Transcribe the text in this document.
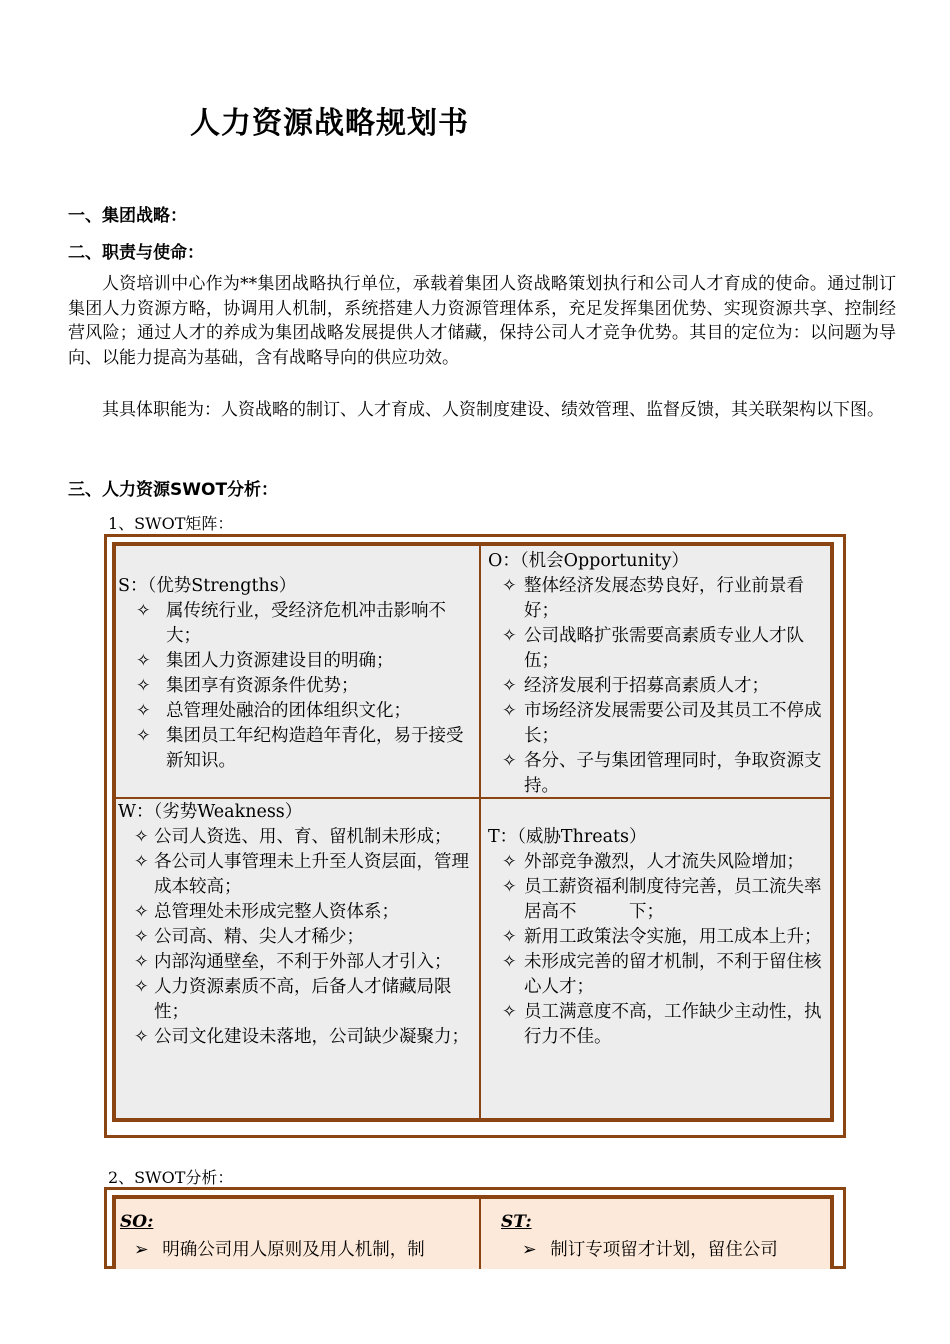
人力资源战略规划书
一、集团战略：
二、职责与使命：

人资培训中心作为**集团战略执行单位，承载着集团人资战略策划执行和公司人才育成的使命。通过制订集团人力资源方略，协调用人机制，系统搭建人力资源管理体系，充足发挥集团优势、实现资源共享、控制经营风险；通过人才的养成为集团战略发展提供人才储藏，保持公司人才竞争优势。其目的定位为：以问题为导向、以能力提高为基础，含有战略导向的供应功效。

其具体职能为：人资战略的制订、人才育成、人资制度建设、绩效管理、监督反馈，其关联架构以下图。

三、人力资源SWOT分析：
1、SWOT矩阵：
S：（优势Strengths）
✧ 属传统行业，受经济危机冲击影响不大；
✧ 集团人力资源建设目的明确；
✧ 集团享有资源条件优势；
✧ 总管理处融洽的团体组织文化；
✧ 集团员工年纪构造趋年青化，易于接受新知识。
O：（机会Opportunity）
✧ 整体经济发展态势良好，行业前景看好；
✧ 公司战略扩张需要高素质专业人才队伍；
✧ 经济发展利于招募高素质人才；
✧ 市场经济发展需要公司及其员工不停成长；
✧ 各分、子与集团管理同时，争取资源支持。
W：（劣势Weakness）
✧ 公司人资选、用、育、留机制未形成；
✧ 各公司人事管理未上升至人资层面，管理成本较高；
✧ 总管理处未形成完整人资体系；
✧ 公司高、精、尖人才稀少；
✧ 内部沟通壁垒，不利于外部人才引入；
✧ 人力资源素质不高，后备人才储藏局限性；
✧ 公司文化建设未落地，公司缺少凝聚力；
T：（威胁Threats）
✧ 外部竞争激烈，人才流失风险增加；
✧ 员工薪资福利制度待完善，员工流失率居高不　　　下；
✧ 新用工政策法令实施，用工成本上升；
✧ 未形成完善的留才机制，不利于留住核心人才；
✧ 员工满意度不高，工作缺少主动性，执行力不佳。
2、SWOT分析：
SO:
➢ 明确公司用人原则及用人机制，制
ST:
➢ 制订专项留才计划，留住公司
